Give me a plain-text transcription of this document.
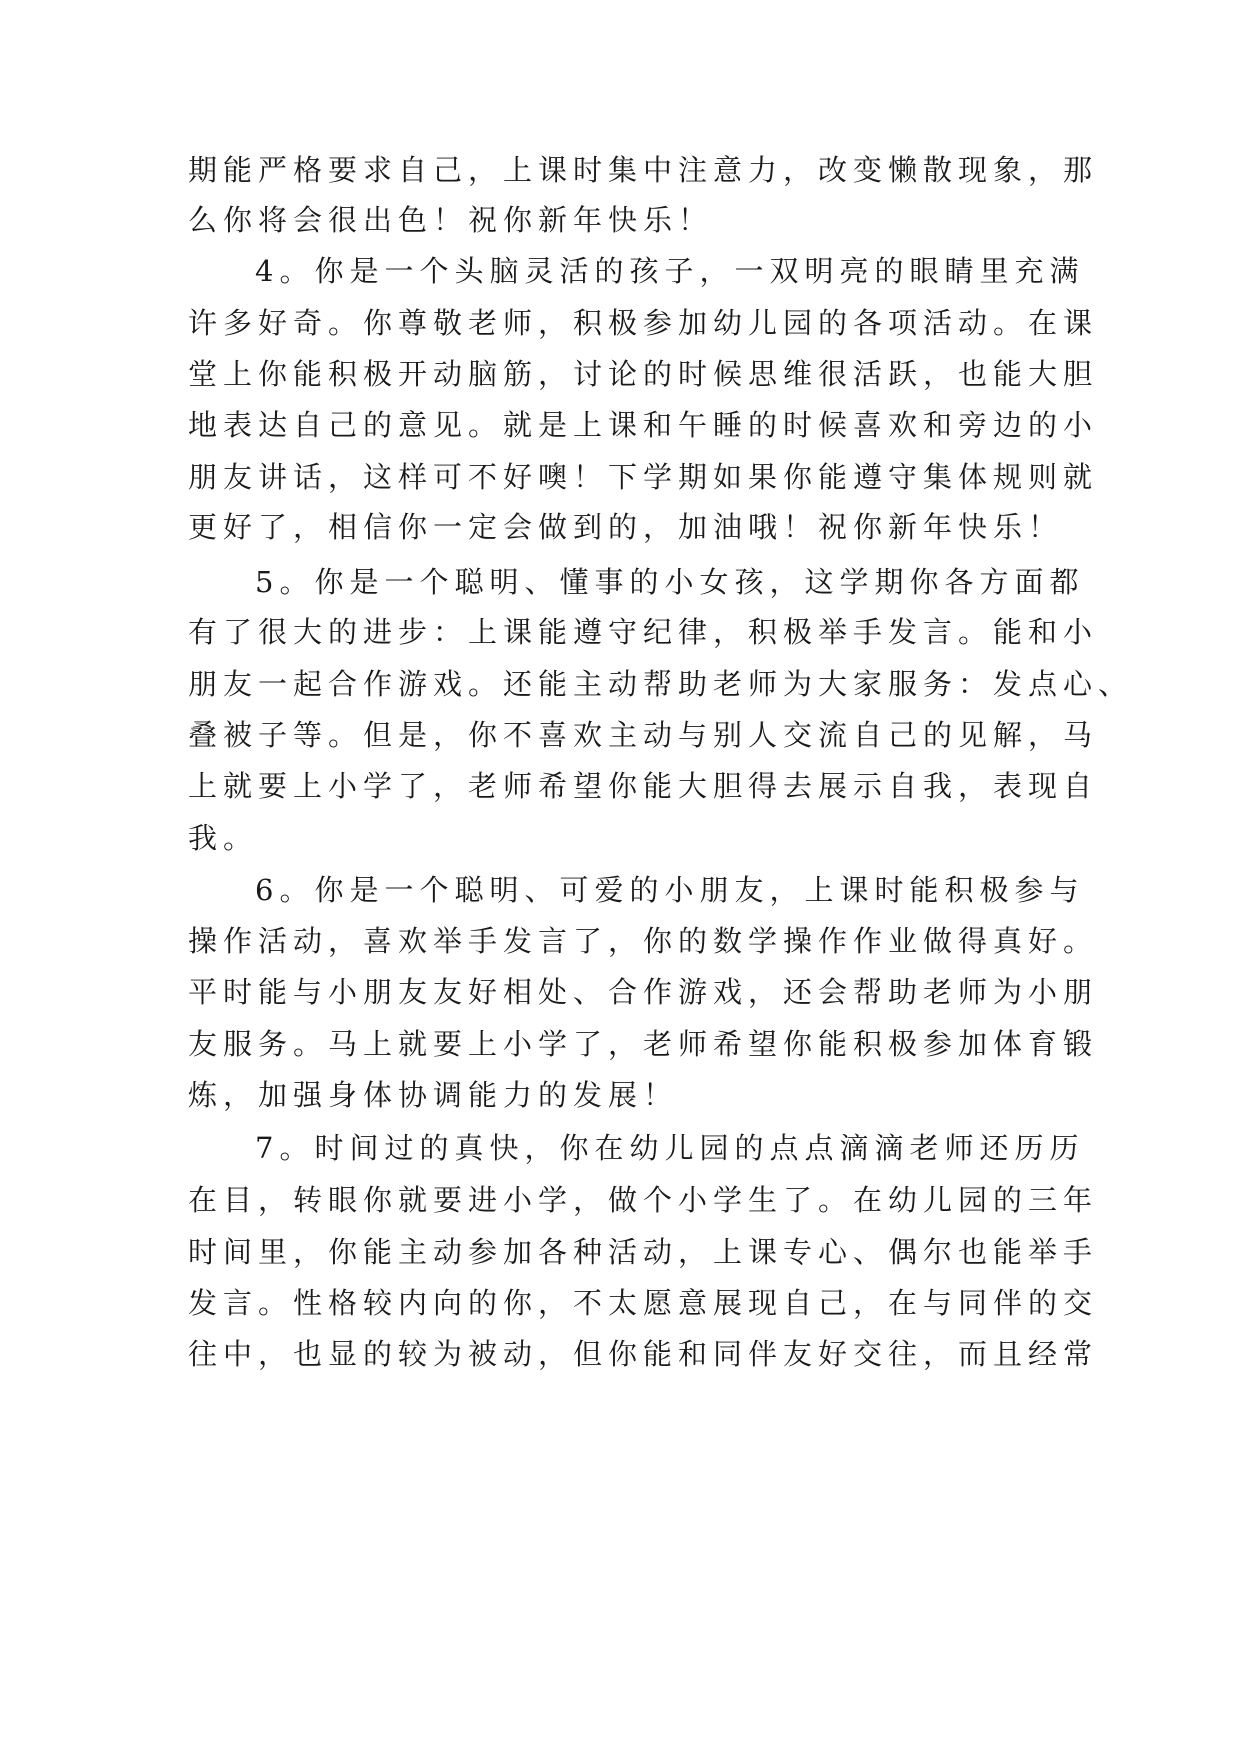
期能严格要求自己，上课时集中注意力，改变懒散现象，那
么你将会很出色！祝你新年快乐！
4。你是一个头脑灵活的孩子，一双明亮的眼睛里充满
许多好奇。你尊敬老师，积极参加幼儿园的各项活动。在课
堂上你能积极开动脑筋，讨论的时候思维很活跃，也能大胆
地表达自己的意见。就是上课和午睡的时候喜欢和旁边的小
朋友讲话，这样可不好噢！下学期如果你能遵守集体规则就
更好了，相信你一定会做到的，加油哦！祝你新年快乐！
5。你是一个聪明、懂事的小女孩，这学期你各方面都
有了很大的进步：上课能遵守纪律，积极举手发言。能和小
朋友一起合作游戏。还能主动帮助老师为大家服务：发点心、
叠被子等。但是，你不喜欢主动与别人交流自己的见解，马
上就要上小学了，老师希望你能大胆得去展示自我，表现自
我。
6。你是一个聪明、可爱的小朋友，上课时能积极参与
操作活动，喜欢举手发言了，你的数学操作作业做得真好。
平时能与小朋友友好相处、合作游戏，还会帮助老师为小朋
友服务。马上就要上小学了，老师希望你能积极参加体育锻
炼，加强身体协调能力的发展！
7。时间过的真快，你在幼儿园的点点滴滴老师还历历
在目，转眼你就要进小学，做个小学生了。在幼儿园的三年
时间里，你能主动参加各种活动，上课专心、偶尔也能举手
发言。性格较内向的你，不太愿意展现自己，在与同伴的交
往中，也显的较为被动，但你能和同伴友好交往，而且经常
